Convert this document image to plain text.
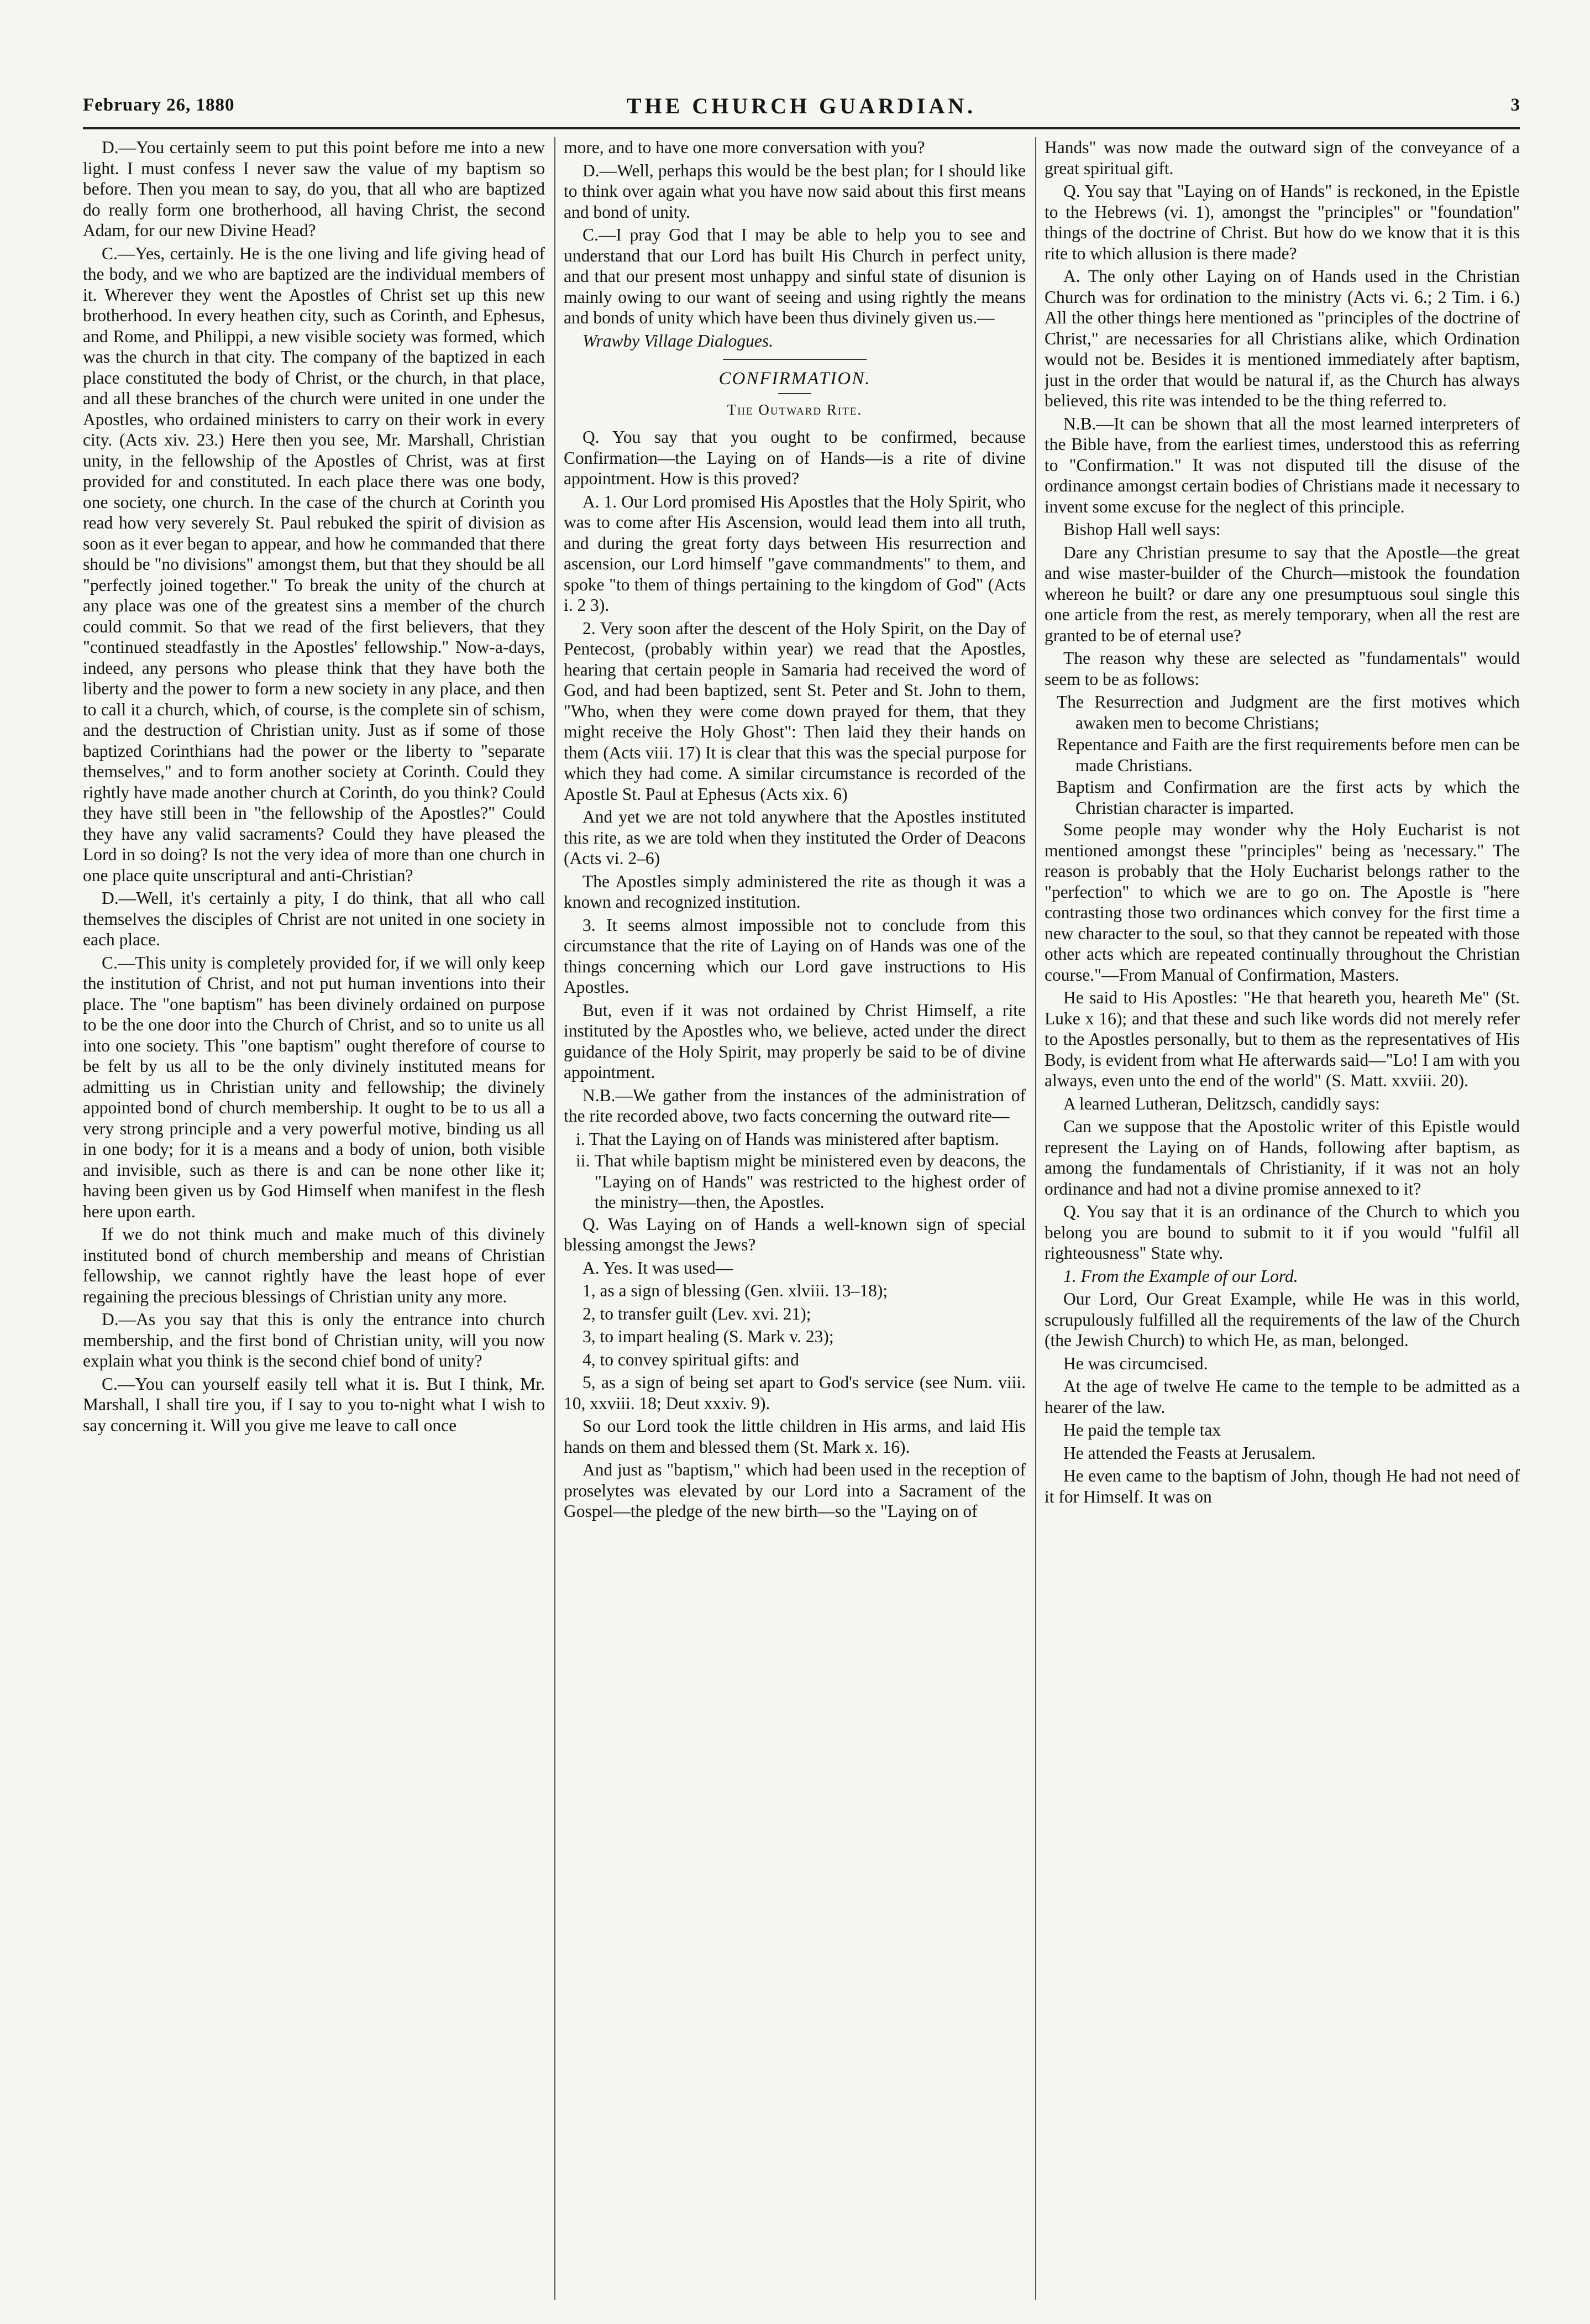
February 26, 1880	THE CHURCH GUARDIAN.	3

D.—You certainly seem to put this point before me into a new light. I must confess I never saw the value of my baptism so before. Then you mean to say, do you, that all who are baptized do really form one brotherhood, all having Christ, the second Adam, for our new Divine Head?

C.—Yes, certainly. He is the one living and life giving head of the body, and we who are baptized are the individual members of it. Wherever they went the Apostles of Christ set up this new brotherhood. In every heathen city, such as Corinth, and Ephesus, and Rome, and Philippi, a new visible society was formed, which was the church in that city. The company of the baptized in each place constituted the body of Christ, or the church, in that place, and all these branches of the church were united in one under the Apostles, who ordained ministers to carry on their work in every city. (Acts xiv. 23.) Here then you see, Mr. Marshall, Christian unity, in the fellowship of the Apostles of Christ, was at first provided for and constituted. In each place there was one body, one society, one church. In the case of the church at Corinth you read how very severely St. Paul rebuked the spirit of division as soon as it ever began to appear, and how he commanded that there should be "no divisions" amongst them, but that they should be all "perfectly joined together." To break the unity of the church at any place was one of the greatest sins a member of the church could commit. So that we read of the first believers, that they "continued steadfastly in the Apostles' fellowship." Now-a-days, indeed, any persons who please think that they have both the liberty and the power to form a new society in any place, and then to call it a church, which, of course, is the complete sin of schism, and the destruction of Christian unity. Just as if some of those baptized Corinthians had the power or the liberty to "separate themselves," and to form another society at Corinth. Could they rightly have made another church at Corinth, do you think? Could they have still been in "the fellowship of the Apostles?" Could they have any valid sacraments? Could they have pleased the Lord in so doing? Is not the very idea of more than one church in one place quite unscriptural and anti-Christian?

D.—Well, it's certainly a pity, I do think, that all who call themselves the disciples of Christ are not united in one society in each place.

C.—This unity is completely provided for, if we will only keep the institution of Christ, and not put human inventions into their place. The "one baptism" has been divinely ordained on purpose to be the one door into the Church of Christ, and so to unite us all into one society. This "one baptism" ought therefore of course to be felt by us all to be the only divinely instituted means for admitting us in Christian unity and fellowship; the divinely appointed bond of church membership. It ought to be to us all a very strong principle and a very powerful motive, binding us all in one body; for it is a means and a body of union, both visible and invisible, such as there is and can be none other like it; having been given us by God Himself when manifest in the flesh here upon earth.

If we do not think much and make much of this divinely instituted bond of church membership and means of Christian fellowship, we cannot rightly have the least hope of ever regaining the precious blessings of Christian unity any more.

D.—As you say that this is only the entrance into church membership, and the first bond of Christian unity, will you now explain what you think is the second chief bond of unity?

C.—You can yourself easily tell what it is. But I think, Mr. Marshall, I shall tire you, if I say to you to-night what I wish to say concerning it. Will you give me leave to call once

more, and to have one more conversation with you?

D.—Well, perhaps this would be the best plan; for I should like to think over again what you have now said about this first means and bond of unity.

C.—I pray God that I may be able to help you to see and understand that our Lord has built His Church in perfect unity, and that our present most unhappy and sinful state of disunion is mainly owing to our want of seeing and using rightly the means and bonds of unity which have been thus divinely given us.—

Wrawby Village Dialogues.

CONFIRMATION.

The Outward Rite.

Q. You say that you ought to be confirmed, because Confirmation—the Laying on of Hands—is a rite of divine appointment. How is this proved?

A. 1. Our Lord promised His Apostles that the Holy Spirit, who was to come after His Ascension, would lead them into all truth, and during the great forty days between His resurrection and ascension, our Lord himself "gave commandments" to them, and spoke "to them of things pertaining to the kingdom of God" (Acts i. 2 3).

2. Very soon after the descent of the Holy Spirit, on the Day of Pentecost, (probably within year) we read that the Apostles, hearing that certain people in Samaria had received the word of God, and had been baptized, sent St. Peter and St. John to them, "Who, when they were come down prayed for them, that they might receive the Holy Ghost": Then laid they their hands on them (Acts viii. 17) It is clear that this was the special purpose for which they had come. A similar circumstance is recorded of the Apostle St. Paul at Ephesus (Acts xix. 6)

And yet we are not told anywhere that the Apostles instituted this rite, as we are told when they instituted the Order of Deacons (Acts vi. 2–6)

The Apostles simply administered the rite as though it was a known and recognized institution.

3. It seems almost impossible not to conclude from this circumstance that the rite of Laying on of Hands was one of the things concerning which our Lord gave instructions to His Apostles.

But, even if it was not ordained by Christ Himself, a rite instituted by the Apostles who, we believe, acted under the direct guidance of the Holy Spirit, may properly be said to be of divine appointment.

N.B.—We gather from the instances of the administration of the rite recorded above, two facts concerning the outward rite—

i. That the Laying on of Hands was ministered after baptism.

ii. That while baptism might be ministered even by deacons, the "Laying on of Hands" was restricted to the highest order of the ministry—then, the Apostles.

Q. Was Laying on of Hands a well-known sign of special blessing amongst the Jews?

A. Yes. It was used—

1, as a sign of blessing (Gen. xlviii. 13–18);

2, to transfer guilt (Lev. xvi. 21);

3, to impart healing (S. Mark v. 23);

4, to convey spiritual gifts: and

5, as a sign of being set apart to God's service (see Num. viii. 10, xxviii. 18; Deut xxxiv. 9).

So our Lord took the little children in His arms, and laid His hands on them and blessed them (St. Mark x. 16).

And just as "baptism," which had been used in the reception of proselytes was elevated by our Lord into a Sacrament of the Gospel—the pledge of the new birth—so the "Laying on of

Hands" was now made the outward sign of the conveyance of a great spiritual gift.

Q. You say that "Laying on of Hands" is reckoned, in the Epistle to the Hebrews (vi. 1), amongst the "principles" or "foundation" things of the doctrine of Christ. But how do we know that it is this rite to which allusion is there made?

A. The only other Laying on of Hands used in the Christian Church was for ordination to the ministry (Acts vi. 6.; 2 Tim. i 6.) All the other things here mentioned as "principles of the doctrine of Christ," are necessaries for all Christians alike, which Ordination would not be. Besides it is mentioned immediately after baptism, just in the order that would be natural if, as the Church has always believed, this rite was intended to be the thing referred to.

N.B.—It can be shown that all the most learned interpreters of the Bible have, from the earliest times, understood this as referring to "Confirmation." It was not disputed till the disuse of the ordinance amongst certain bodies of Christians made it necessary to invent some excuse for the neglect of this principle.

Bishop Hall well says:

Dare any Christian presume to say that the Apostle—the great and wise master-builder of the Church—mistook the foundation whereon he built? or dare any one presumptuous soul single this one article from the rest, as merely temporary, when all the rest are granted to be of eternal use?

The reason why these are selected as "fundamentals" would seem to be as follows:

The Resurrection and Judgment are the first motives which awaken men to become Christians;

Repentance and Faith are the first requirements before men can be made Christians.

Baptism and Confirmation are the first acts by which the Christian character is imparted.

Some people may wonder why the Holy Eucharist is not mentioned amongst these "principles" being as 'necessary." The reason is probably that the Holy Eucharist belongs rather to the "perfection" to which we are to go on. The Apostle is "here contrasting those two ordinances which convey for the first time a new character to the soul, so that they cannot be repeated with those other acts which are repeated continually throughout the Christian course."—From Manual of Confirmation, Masters.

He said to His Apostles: "He that heareth you, heareth Me" (St. Luke x 16); and that these and such like words did not merely refer to the Apostles personally, but to them as the representatives of His Body, is evident from what He afterwards said—"Lo! I am with you always, even unto the end of the world" (S. Matt. xxviii. 20).

A learned Lutheran, Delitzsch, candidly says:

Can we suppose that the Apostolic writer of this Epistle would represent the Laying on of Hands, following after baptism, as among the fundamentals of Christianity, if it was not an holy ordinance and had not a divine promise annexed to it?

Q. You say that it is an ordinance of the Church to which you belong you are bound to submit to it if you would "fulfil all righteousness" State why.

1. From the Example of our Lord.

Our Lord, Our Great Example, while He was in this world, scrupulously fulfilled all the requirements of the law of the Church (the Jewish Church) to which He, as man, belonged.

He was circumcised.

At the age of twelve He came to the temple to be admitted as a hearer of the law.

He paid the temple tax

He attended the Feasts at Jerusalem.

He even came to the baptism of John, though He had not need of it for Himself. It was on
